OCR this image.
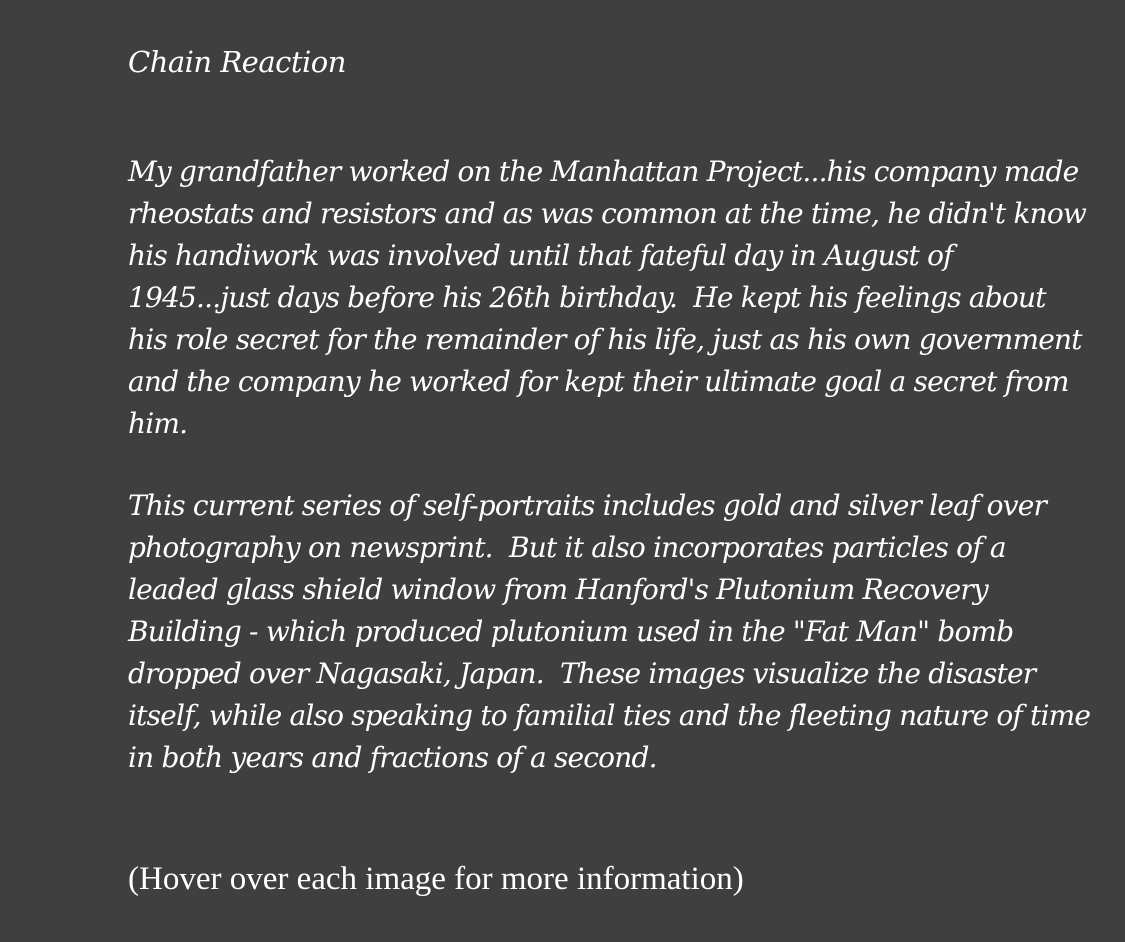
Chain Reaction

My grandfather worked on the Manhattan Project...his company made
rheostats and resistors and as was common at the time, he didn't know
his handiwork was involved until that fateful day in August of
1945...just days before his 26th birthday.  He kept his feelings about
his role secret for the remainder of his life, just as his own government
and the company he worked for kept their ultimate goal a secret from
him.

This current series of self-portraits includes gold and silver leaf over
photography on newsprint.  But it also incorporates particles of a
leaded glass shield window from Hanford's Plutonium Recovery
Building - which produced plutonium used in the "Fat Man" bomb
dropped over Nagasaki, Japan.  These images visualize the disaster
itself, while also speaking to familial ties and the fleeting nature of time
in both years and fractions of a second.

(Hover over each image for more information)
